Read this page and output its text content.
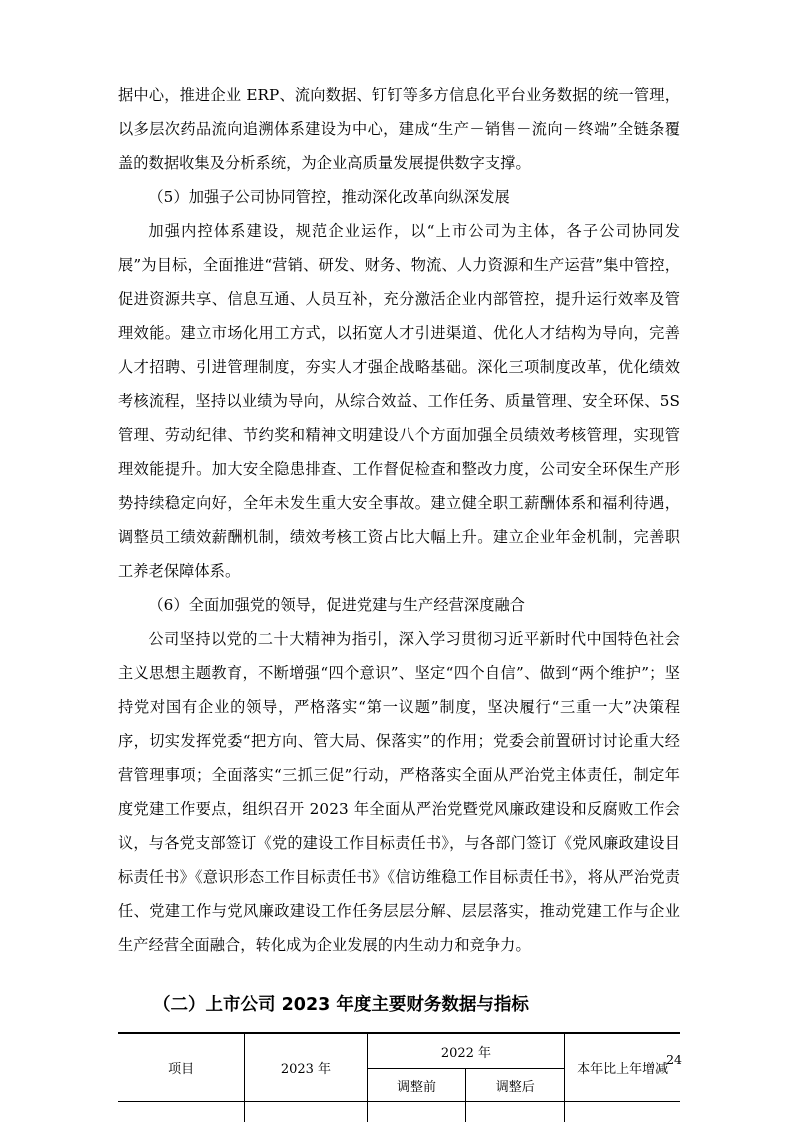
据中心，推进企业 ERP、流向数据、钉钉等多方信息化平台业务数据的统一管理，以多层次药品流向追溯体系建设为中心，建成“生产－销售－流向－终端”全链条覆盖的数据收集及分析系统，为企业高质量发展提供数字支撑。

（5）加强子公司协同管控，推动深化改革向纵深发展

加强内控体系建设，规范企业运作，以“上市公司为主体，各子公司协同发展”为目标，全面推进“营销、研发、财务、物流、人力资源和生产运营”集中管控，促进资源共享、信息互通、人员互补，充分激活企业内部管控，提升运行效率及管理效能。建立市场化用工方式，以拓宽人才引进渠道、优化人才结构为导向，完善人才招聘、引进管理制度，夯实人才强企战略基础。深化三项制度改革，优化绩效考核流程，坚持以业绩为导向，从综合效益、工作任务、质量管理、安全环保、5S 管理、劳动纪律、节约奖和精神文明建设八个方面加强全员绩效考核管理，实现管理效能提升。加大安全隐患排查、工作督促检查和整改力度，公司安全环保生产形势持续稳定向好，全年未发生重大安全事故。建立健全职工薪酬体系和福利待遇，调整员工绩效薪酬机制，绩效考核工资占比大幅上升。建立企业年金机制，完善职工养老保障体系。

（6）全面加强党的领导，促进党建与生产经营深度融合

公司坚持以党的二十大精神为指引，深入学习贯彻习近平新时代中国特色社会主义思想主题教育，不断增强“四个意识”、坚定“四个自信”、做到“两个维护”；坚持党对国有企业的领导，严格落实“第一议题”制度，坚决履行“三重一大”决策程序，切实发挥党委“把方向、管大局、保落实”的作用；党委会前置研讨讨论重大经营管理事项；全面落实“三抓三促”行动，严格落实全面从严治党主体责任，制定年度党建工作要点，组织召开 2023 年全面从严治党暨党风廉政建设和反腐败工作会议，与各党支部签订《党的建设工作目标责任书》，与各部门签订《党风廉政建设目标责任书》《意识形态工作目标责任书》《信访维稳工作目标责任书》，将从严治党责任、党建工作与党风廉政建设工作任务层层分解、层层落实，推动党建工作与企业生产经营全面融合，转化成为企业发展的内生动力和竞争力。

（二）上市公司 2023 年度主要财务数据与指标
项目	2023 年	2022 年		本年比上年增减
		调整前	调整后	

24
